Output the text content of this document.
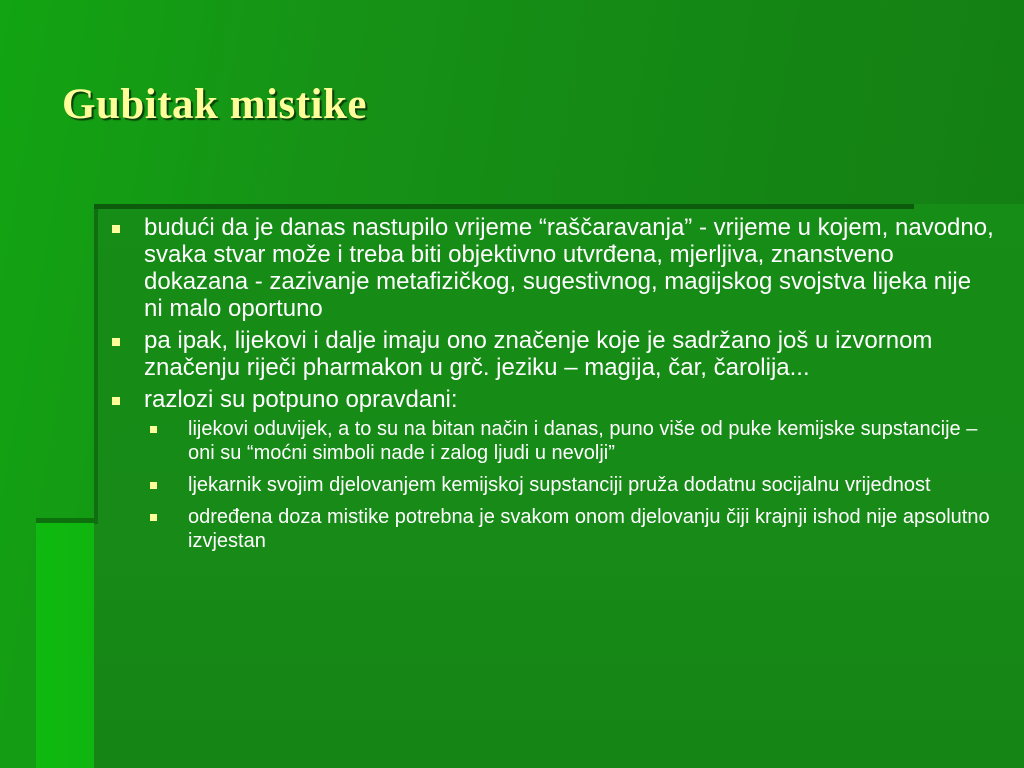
Gubitak mistike
budući da je danas nastupilo vrijeme “raščaravanja” - vrijeme u kojem, navodno, svaka stvar može i treba biti objektivno utvrđena, mjerljiva, znanstveno dokazana - zazivanje metafizičkog, sugestivnog, magijskog svojstva lijeka nije ni malo oportuno
pa ipak, lijekovi i dalje imaju ono značenje koje je sadržano još u izvornom značenju riječi pharmakon u grč. jeziku – magija, čar, čarolija...
razlozi su potpuno opravdani:
lijekovi oduvijek, a to su na bitan način i danas, puno više od puke kemijske supstancije – oni su “moćni simboli nade i zalog ljudi u nevolji”
ljekarnik svojim djelovanjem kemijskoj supstanciji pruža dodatnu socijalnu vrijednost
određena doza mistike potrebna je svakom onom djelovanju čiji krajnji ishod nije apsolutno izvjestan
